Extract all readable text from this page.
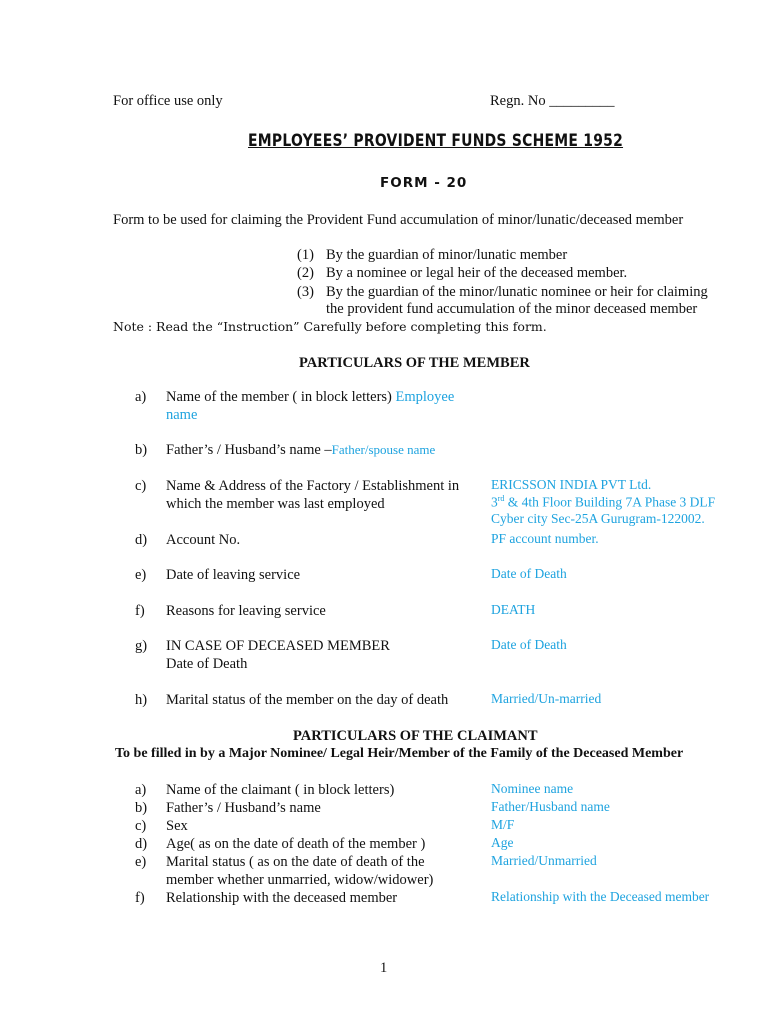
For office use only	Regn. No _________
EMPLOYEES’ PROVIDENT FUNDS SCHEME 1952
FORM - 20
Form to be used for claiming the Provident Fund accumulation of minor/lunatic/deceased member
(1) By the guardian of minor/lunatic member
(2) By a nominee or legal heir of the deceased member.
(3) By the guardian of the minor/lunatic nominee or heir for claiming
the provident fund accumulation of the minor deceased member
Note : Read the “Instruction” Carefully before completing this form.
PARTICULARS OF THE MEMBER
a) Name of the member ( in block letters) Employee
name
b) Father’s / Husband’s name –Father/spouse name
c) Name & Address of the Factory / Establishment in
which the member was last employed
ERICSSON INDIA PVT Ltd.
3rd & 4th Floor Building 7A Phase 3 DLF
Cyber city Sec-25A Gurugram-122002.
d) Account No.	PF account number.
e) Date of leaving service	Date of Death
f) Reasons for leaving service	DEATH
g) IN CASE OF DECEASED MEMBER
Date of Death
Date of Death
h) Marital status of the member on the day of death	Married/Un-married
PARTICULARS OF THE CLAIMANT
To be filled in by a Major Nominee/ Legal Heir/Member of the Family of the Deceased Member
a) Name of the claimant ( in block letters)	Nominee name
b) Father’s / Husband’s name	Father/Husband name
c) Sex	M/F
d) Age( as on the date of death of the member )	Age
e) Marital status ( as on the date of death of the
member whether unmarried, widow/widower)
Married/Unmarried
f) Relationship with the deceased member	Relationship with the Deceased member
1
